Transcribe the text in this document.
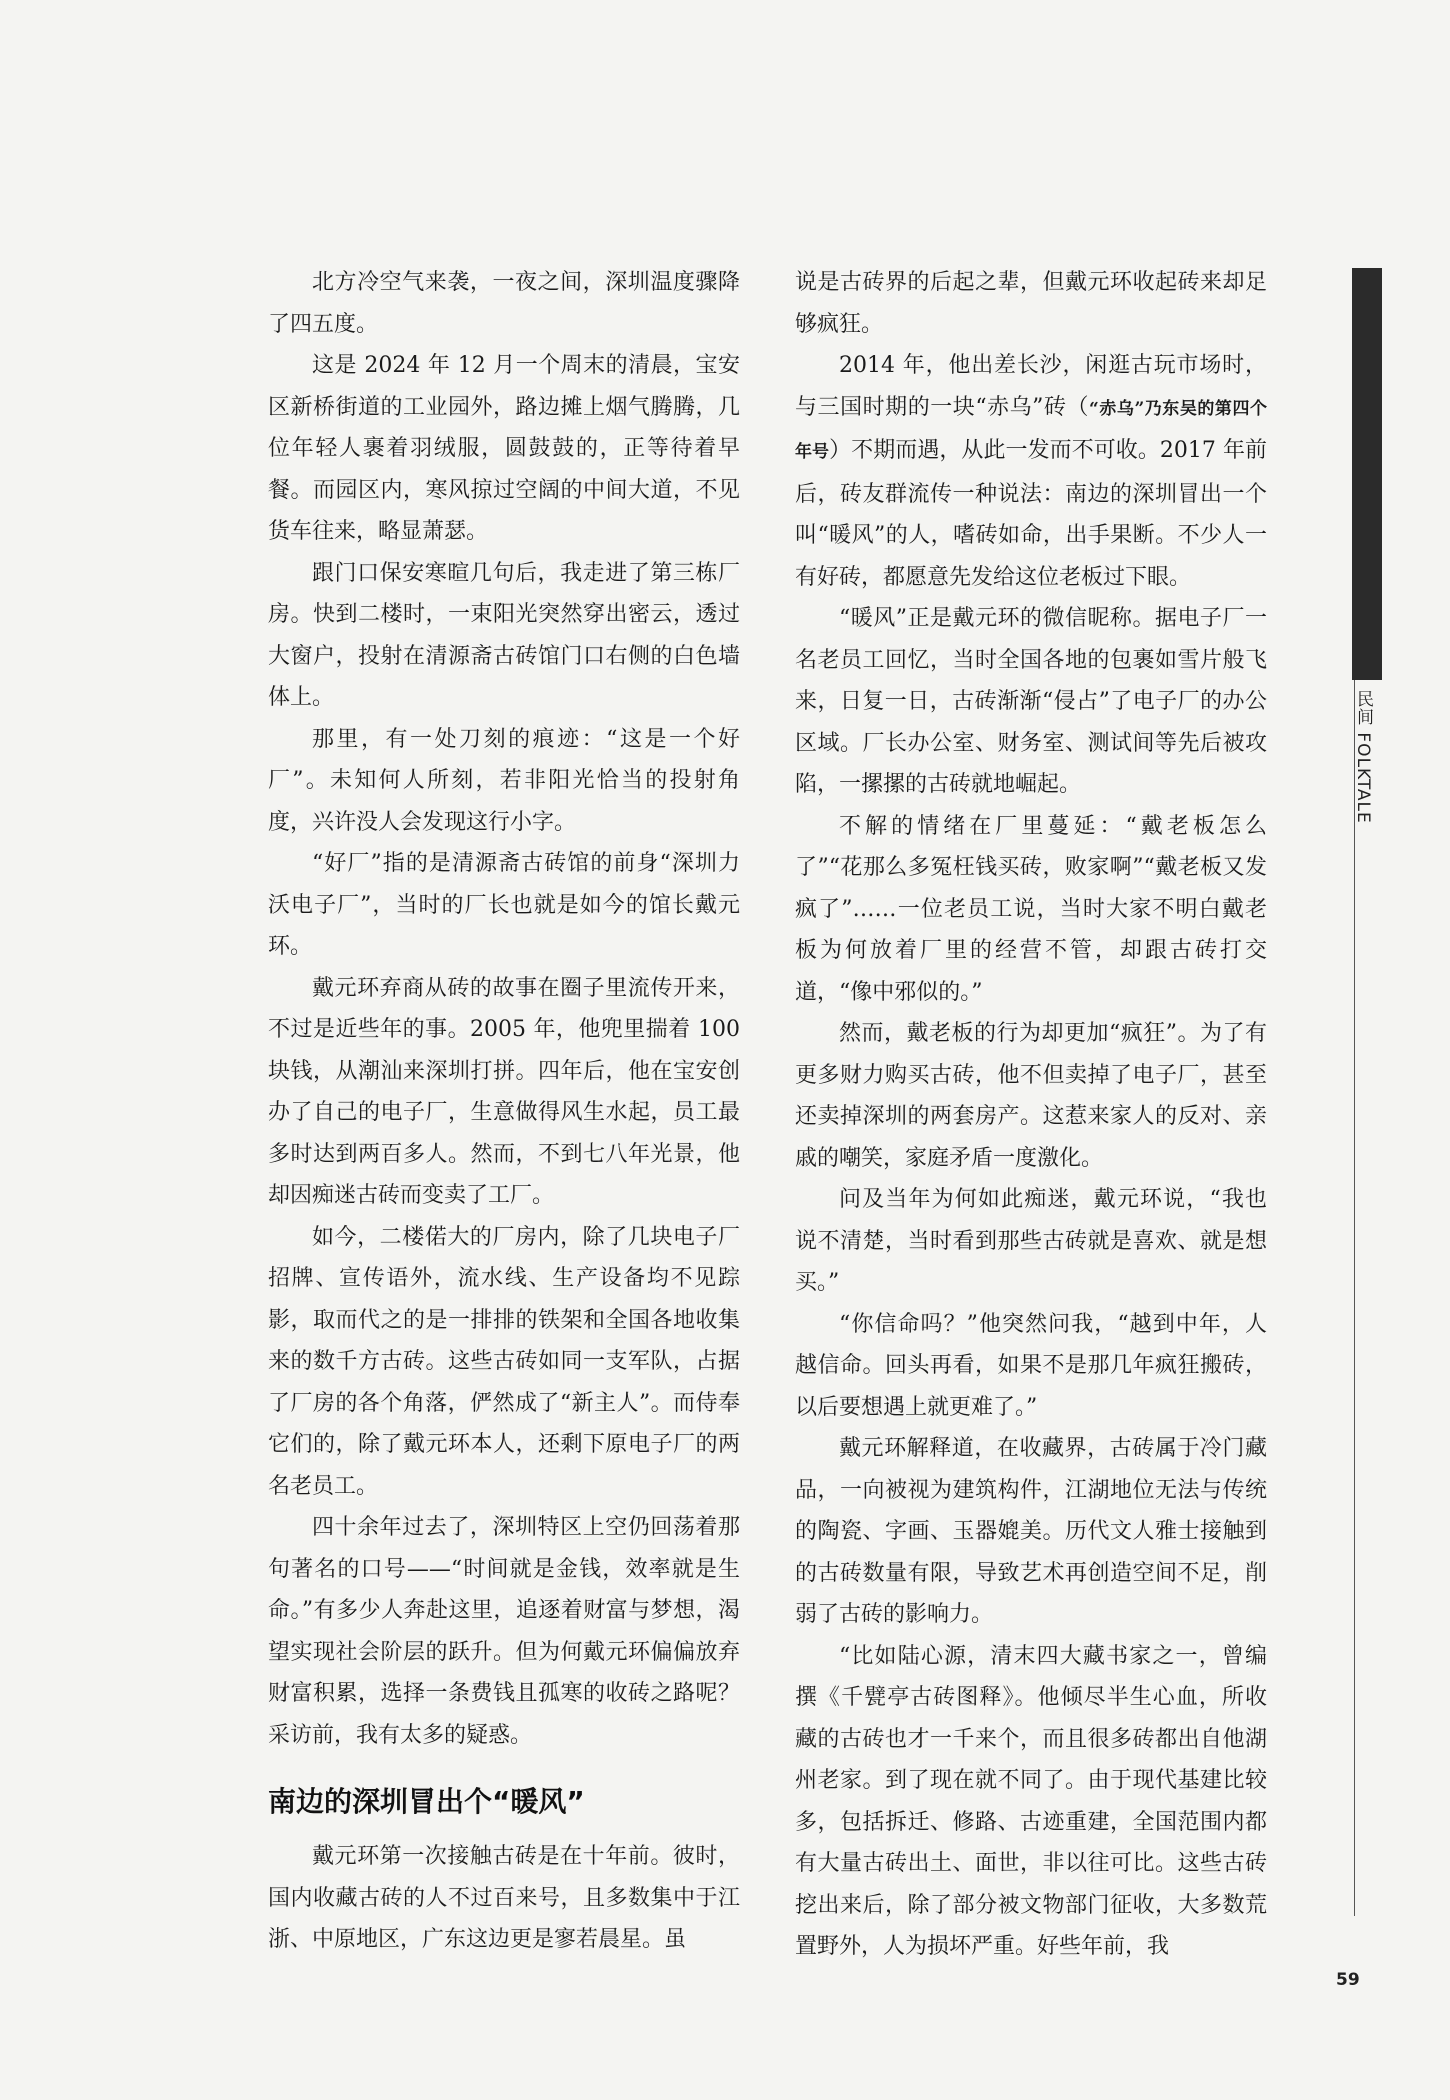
北方冷空气来袭，一夜之间，深圳温度骤降了四五度。

这是 2024 年 12 月一个周末的清晨，宝安区新桥街道的工业园外，路边摊上烟气腾腾，几位年轻人裹着羽绒服，圆鼓鼓的，正等待着早餐。而园区内，寒风掠过空阔的中间大道，不见货车往来，略显萧瑟。

跟门口保安寒暄几句后，我走进了第三栋厂房。快到二楼时，一束阳光突然穿出密云，透过大窗户，投射在清源斋古砖馆门口右侧的白色墙体上。

那里，有一处刀刻的痕迹：“这是一个好厂”。未知何人所刻，若非阳光恰当的投射角度，兴许没人会发现这行小字。

“好厂”指的是清源斋古砖馆的前身“深圳力沃电子厂”，当时的厂长也就是如今的馆长戴元环。

戴元环弃商从砖的故事在圈子里流传开来，不过是近些年的事。2005 年，他兜里揣着 100 块钱，从潮汕来深圳打拼。四年后，他在宝安创办了自己的电子厂，生意做得风生水起，员工最多时达到两百多人。然而，不到七八年光景，他却因痴迷古砖而变卖了工厂。

如今，二楼偌大的厂房内，除了几块电子厂招牌、宣传语外，流水线、生产设备均不见踪影，取而代之的是一排排的铁架和全国各地收集来的数千方古砖。这些古砖如同一支军队，占据了厂房的各个角落，俨然成了“新主人”。而侍奉它们的，除了戴元环本人，还剩下原电子厂的两名老员工。

四十余年过去了，深圳特区上空仍回荡着那句著名的口号——“时间就是金钱，效率就是生命。”有多少人奔赴这里，追逐着财富与梦想，渴望实现社会阶层的跃升。但为何戴元环偏偏放弃财富积累，选择一条费钱且孤寒的收砖之路呢？采访前，我有太多的疑惑。

南边的深圳冒出个“暖风”

戴元环第一次接触古砖是在十年前。彼时，国内收藏古砖的人不过百来号，且多数集中于江浙、中原地区，广东这边更是寥若晨星。虽

说是古砖界的后起之辈，但戴元环收起砖来却足够疯狂。

2014 年，他出差长沙，闲逛古玩市场时，与三国时期的一块“赤乌”砖（“赤乌”乃东吴的第四个年号）不期而遇，从此一发而不可收。2017 年前后，砖友群流传一种说法：南边的深圳冒出一个叫“暖风”的人，嗜砖如命，出手果断。不少人一有好砖，都愿意先发给这位老板过下眼。

“暖风”正是戴元环的微信昵称。据电子厂一名老员工回忆，当时全国各地的包裹如雪片般飞来，日复一日，古砖渐渐“侵占”了电子厂的办公区域。厂长办公室、财务室、测试间等先后被攻陷，一摞摞的古砖就地崛起。

不解的情绪在厂里蔓延：“戴老板怎么了”“花那么多冤枉钱买砖，败家啊”“戴老板又发疯了”……一位老员工说，当时大家不明白戴老板为何放着厂里的经营不管，却跟古砖打交道，“像中邪似的。”

然而，戴老板的行为却更加“疯狂”。为了有更多财力购买古砖，他不但卖掉了电子厂，甚至还卖掉深圳的两套房产。这惹来家人的反对、亲戚的嘲笑，家庭矛盾一度激化。

问及当年为何如此痴迷，戴元环说，“我也说不清楚，当时看到那些古砖就是喜欢、就是想买。”

“你信命吗？”他突然问我，“越到中年，人越信命。回头再看，如果不是那几年疯狂搬砖，以后要想遇上就更难了。”

戴元环解释道，在收藏界，古砖属于冷门藏品，一向被视为建筑构件，江湖地位无法与传统的陶瓷、字画、玉器媲美。历代文人雅士接触到的古砖数量有限，导致艺术再创造空间不足，削弱了古砖的影响力。

“比如陆心源，清末四大藏书家之一，曾编撰《千甓亭古砖图释》。他倾尽半生心血，所收藏的古砖也才一千来个，而且很多砖都出自他湖州老家。到了现在就不同了。由于现代基建比较多，包括拆迁、修路、古迹重建，全国范围内都有大量古砖出土、面世，非以往可比。这些古砖挖出来后，除了部分被文物部门征收，大多数荒置野外，人为损坏严重。好些年前，我

民间 FOLKTALE
59
